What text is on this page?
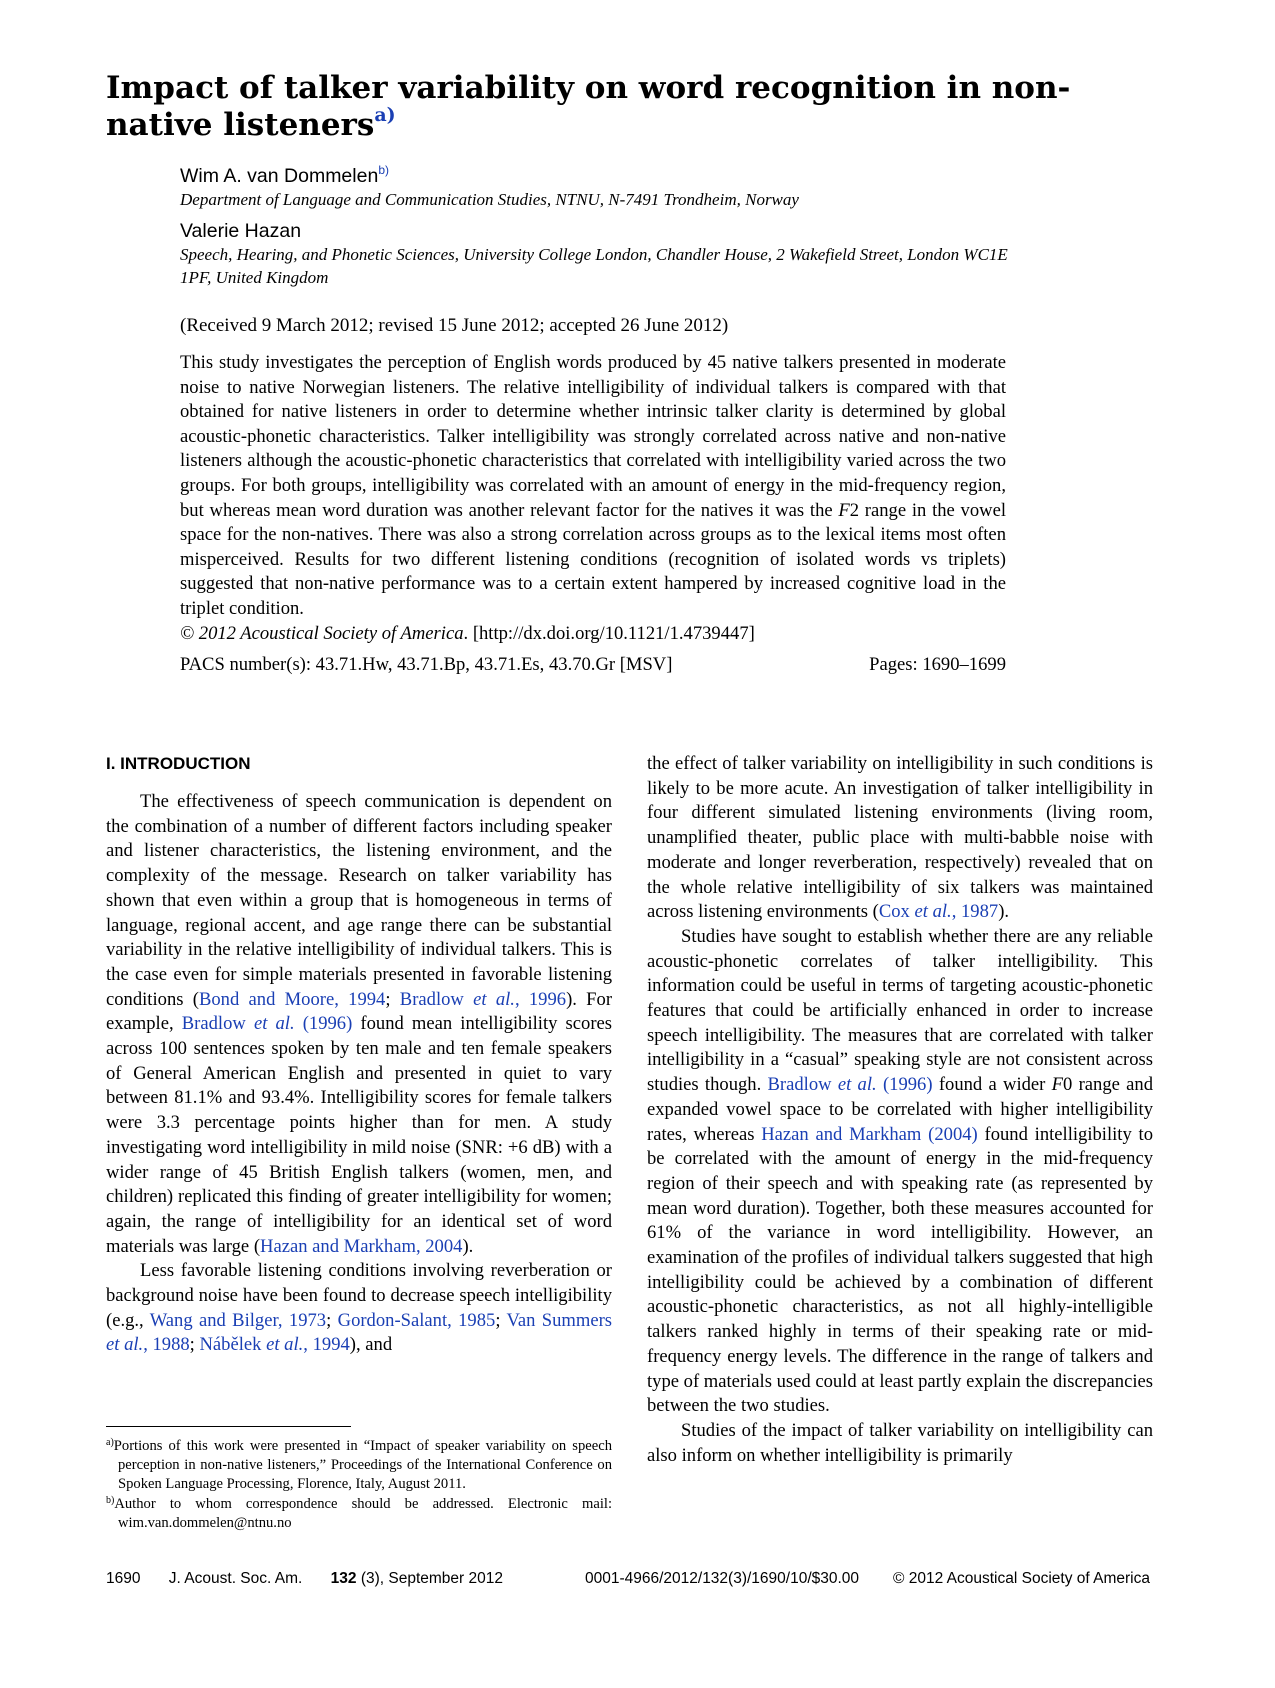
Impact of talker variability on word recognition in non-native listeners$^{a)}$
Wim A. van Dommelen$^{b)}$
Department of Language and Communication Studies, NTNU, N-7491 Trondheim, Norway
Valerie Hazan
Speech, Hearing, and Phonetic Sciences, University College London, Chandler House, 2 Wakefield Street, London WC1E 1PF, United Kingdom
(Received 9 March 2012; revised 15 June 2012; accepted 26 June 2012)

This study investigates the perception of English words produced by 45 native talkers presented in moderate noise to native Norwegian listeners. The relative intelligibility of individual talkers is compared with that obtained for native listeners in order to determine whether intrinsic talker clarity is determined by global acoustic-phonetic characteristics. Talker intelligibility was strongly correlated across native and non-native listeners although the acoustic-phonetic characteristics that correlated with intelligibility varied across the two groups. For both groups, intelligibility was correlated with an amount of energy in the mid-frequency region, but whereas mean word duration was another relevant factor for the natives it was the F2 range in the vowel space for the non-natives. There was also a strong correlation across groups as to the lexical items most often misperceived. Results for two different listening conditions (recognition of isolated words vs triplets) suggested that non-native performance was to a certain extent hampered by increased cognitive load in the triplet condition.
© 2012 Acoustical Society of America. [http://dx.doi.org/10.1121/1.4739447]

PACS number(s): 43.71.Hw, 43.71.Bp, 43.71.Es, 43.70.Gr [MSV]	Pages: 1690–1699
I. INTRODUCTION

The effectiveness of speech communication is dependent on the combination of a number of different factors including speaker and listener characteristics, the listening environment, and the complexity of the message. Research on talker variability has shown that even within a group that is homogeneous in terms of language, regional accent, and age range there can be substantial variability in the relative intelligibility of individual talkers. This is the case even for simple materials presented in favorable listening conditions (Bond and Moore, 1994; Bradlow et al., 1996). For example, Bradlow et al. (1996) found mean intelligibility scores across 100 sentences spoken by ten male and ten female speakers of General American English and presented in quiet to vary between 81.1% and 93.4%. Intelligibility scores for female talkers were 3.3 percentage points higher than for men. A study investigating word intelligibility in mild noise (SNR: +6 dB) with a wider range of 45 British English talkers (women, men, and children) replicated this finding of greater intelligibility for women; again, the range of intelligibility for an identical set of word materials was large (Hazan and Markham, 2004).

Less favorable listening conditions involving reverberation or background noise have been found to decrease speech intelligibility (e.g., Wang and Bilger, 1973; Gordon-Salant, 1985; Van Summers et al., 1988; Nábělek et al., 1994), and

the effect of talker variability on intelligibility in such conditions is likely to be more acute. An investigation of talker intelligibility in four different simulated listening environments (living room, unamplified theater, public place with multi-babble noise with moderate and longer reverberation, respectively) revealed that on the whole relative intelligibility of six talkers was maintained across listening environments (Cox et al., 1987).

Studies have sought to establish whether there are any reliable acoustic-phonetic correlates of talker intelligibility. This information could be useful in terms of targeting acoustic-phonetic features that could be artificially enhanced in order to increase speech intelligibility. The measures that are correlated with talker intelligibility in a “casual” speaking style are not consistent across studies though. Bradlow et al. (1996) found a wider F0 range and expanded vowel space to be correlated with higher intelligibility rates, whereas Hazan and Markham (2004) found intelligibility to be correlated with the amount of energy in the mid-frequency region of their speech and with speaking rate (as represented by mean word duration). Together, both these measures accounted for 61% of the variance in word intelligibility. However, an examination of the profiles of individual talkers suggested that high intelligibility could be achieved by a combination of different acoustic-phonetic characteristics, as not all highly-intelligible talkers ranked highly in terms of their speaking rate or mid-frequency energy levels. The difference in the range of talkers and type of materials used could at least partly explain the discrepancies between the two studies.

Studies of the impact of talker variability on intelligibility can also inform on whether intelligibility is primarily

$^{a)}$Portions of this work were presented in “Impact of speaker variability on speech perception in non-native listeners,” Proceedings of the International Conference on Spoken Language Processing, Florence, Italy, August 2011.

$^{b)}$Author to whom correspondence should be addressed. Electronic mail: wim.van.dommelen@ntnu.no

1690 J. Acoust. Soc. Am. 132 (3), September 2012	0001-4966/2012/132(3)/1690/10/$30.00 © 2012 Acoustical Society of America
